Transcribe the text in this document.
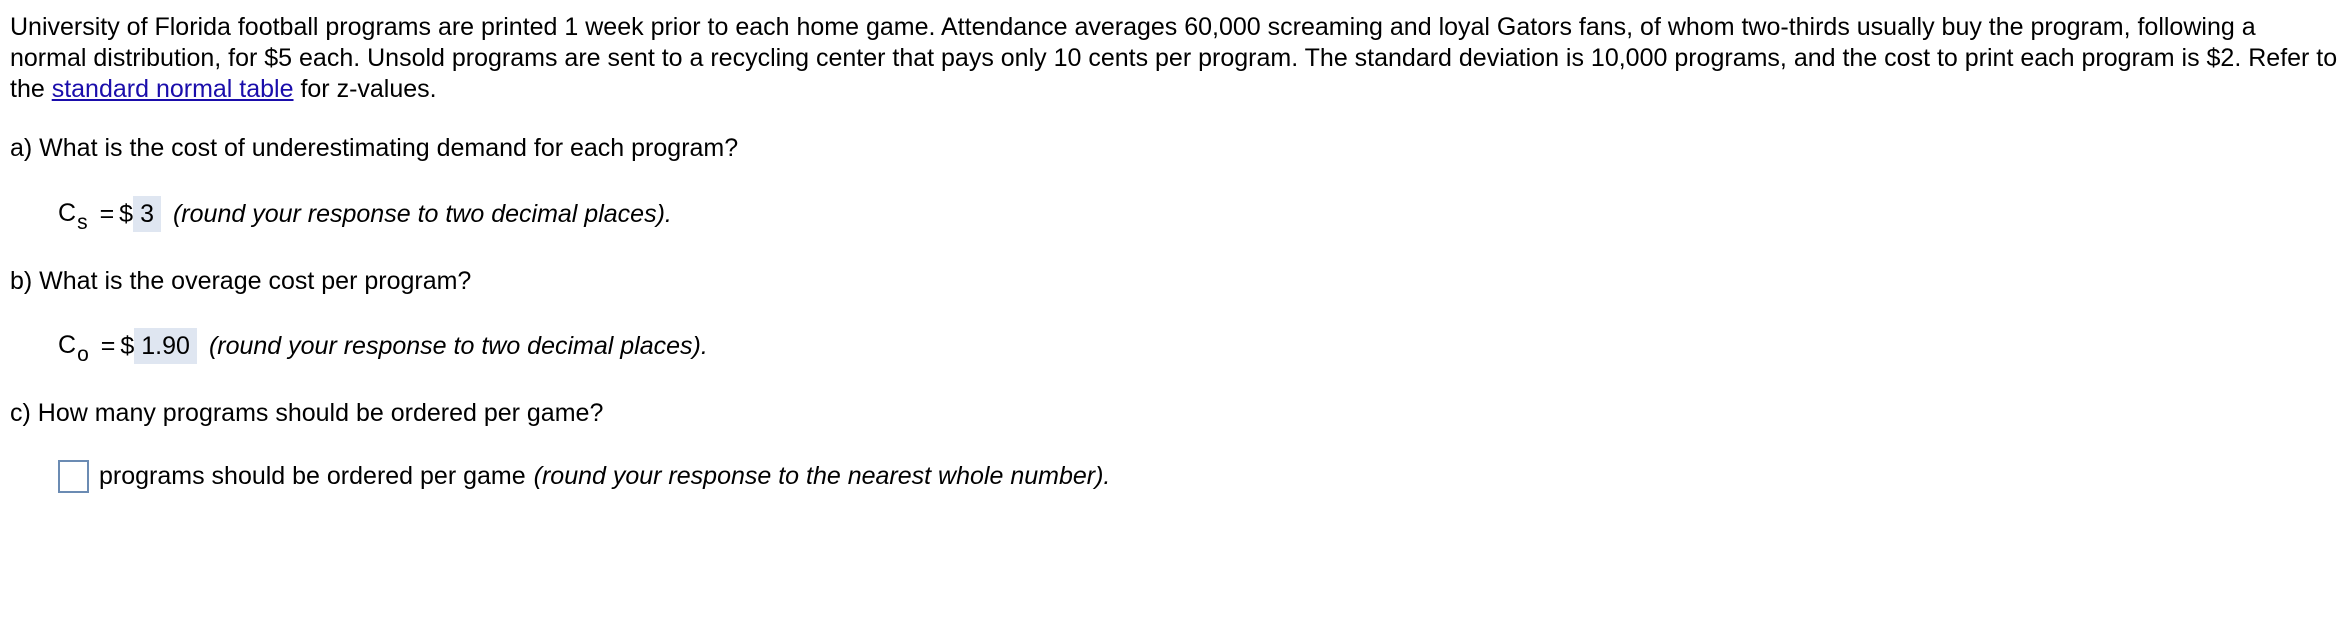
University of Florida football programs are printed 1 week prior to each home game. Attendance averages 60,000 screaming and loyal Gators fans, of whom two-thirds usually buy the program, following a normal distribution, for $5 each. Unsold programs are sent to a recycling center that pays only 10 cents per program. The standard deviation is 10,000 programs, and the cost to print each program is $2. Refer to the standard normal table for z-values.
a) What is the cost of underestimating demand for each program?
$C_s$ = $ 3 (round your response to two decimal places).
b) What is the overage cost per program?
$C_o$ = $ 1.90 (round your response to two decimal places).
c) How many programs should be ordered per game?
programs should be ordered per game (round your response to the nearest whole number).
